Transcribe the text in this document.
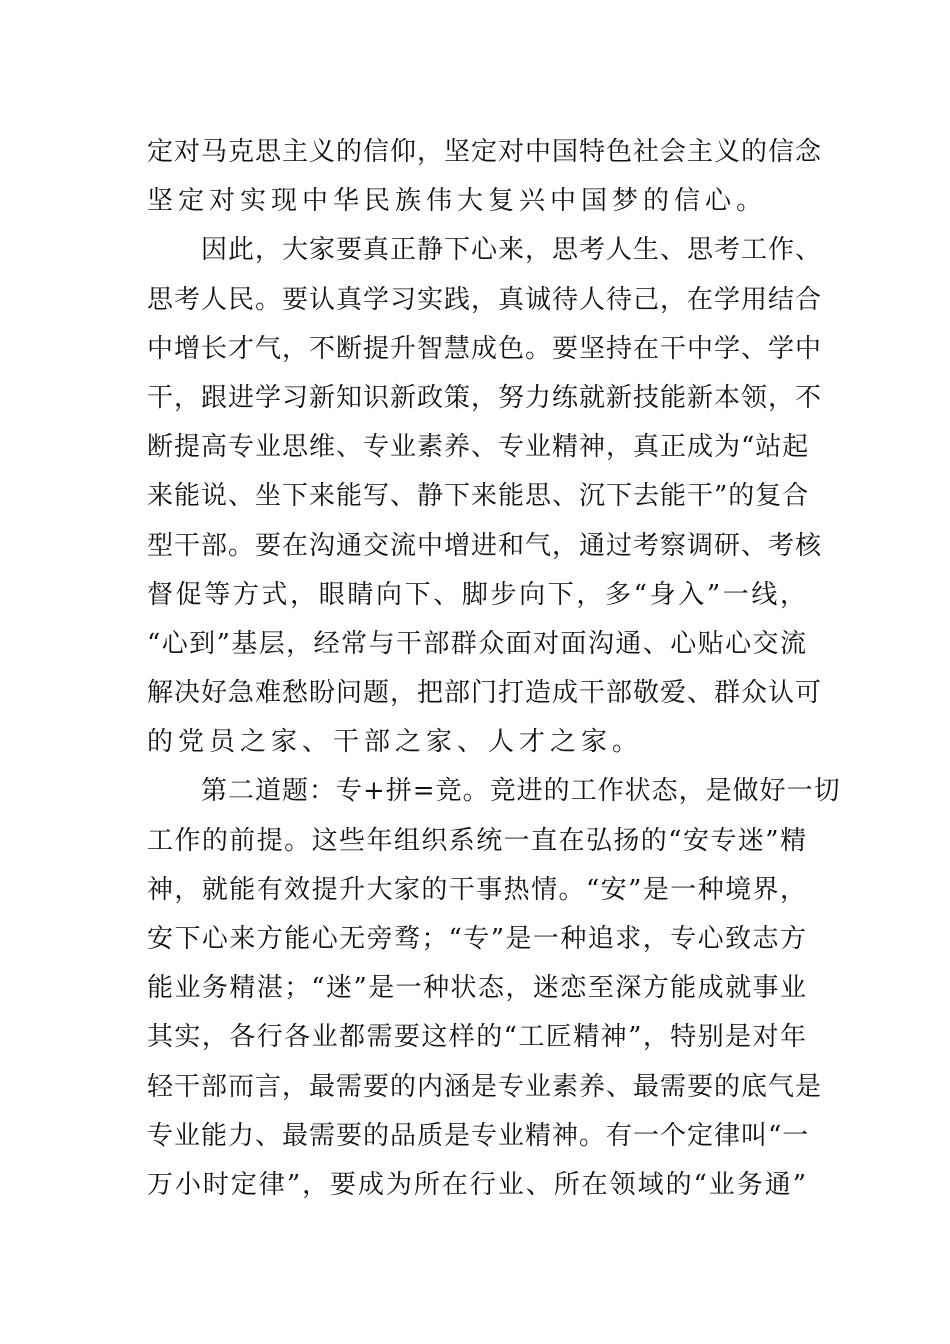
定对马克思主义的信仰，坚定对中国特色社会主义的信念
坚定对实现中华民族伟大复兴中国梦的信心。
因此，大家要真正静下心来，思考人生、思考工作、
思考人民。要认真学习实践，真诚待人待己，在学用结合
中增长才气，不断提升智慧成色。要坚持在干中学、学中
干，跟进学习新知识新政策，努力练就新技能新本领，不
断提高专业思维、专业素养、专业精神，真正成为“站起
来能说、坐下来能写、静下来能思、沉下去能干”的复合
型干部。要在沟通交流中增进和气，通过考察调研、考核
督促等方式，眼睛向下、脚步向下，多“身入”一线，
“心到”基层，经常与干部群众面对面沟通、心贴心交流
解决好急难愁盼问题，把部门打造成干部敬爱、群众认可
的党员之家、干部之家、人才之家。
第二道题：专+拼=竞。竞进的工作状态，是做好一切
工作的前提。这些年组织系统一直在弘扬的“安专迷”精
神，就能有效提升大家的干事热情。“安”是一种境界，
安下心来方能心无旁骛；“专”是一种追求，专心致志方
能业务精湛；“迷”是一种状态，迷恋至深方能成就事业
其实，各行各业都需要这样的“工匠精神”，特别是对年
轻干部而言，最需要的内涵是专业素养、最需要的底气是
专业能力、最需要的品质是专业精神。有一个定律叫“一
万小时定律”，要成为所在行业、所在领域的“业务通”
